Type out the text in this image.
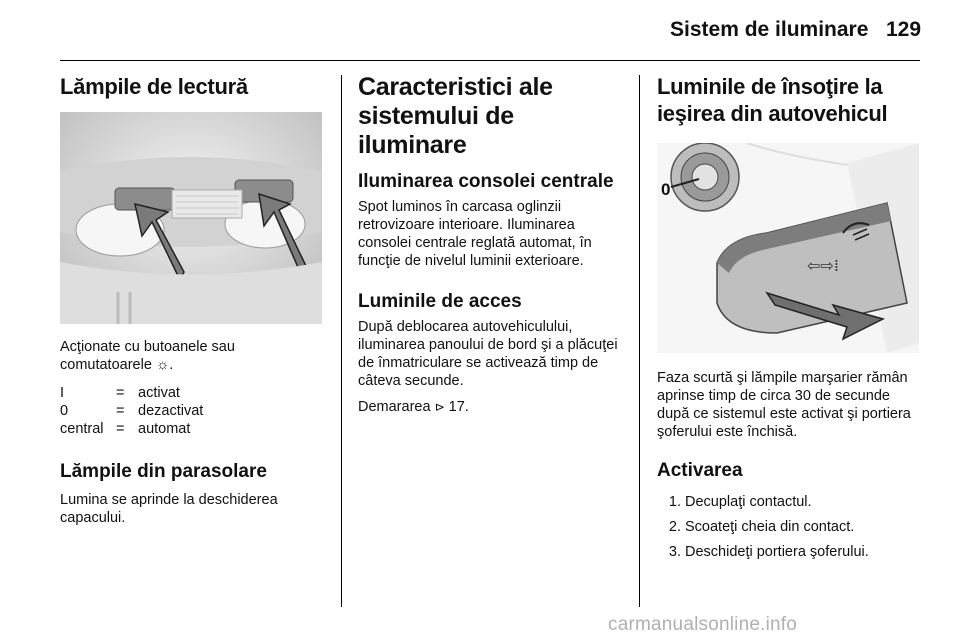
Sistem de iluminare 129
Lămpile de lectură

Acţionate cu butoanele sau comutatoarele ☼.

I	=	activat
0	=	dezactivat
central	=	automat
Lămpile din parasolare

Lumina se aprinde la deschiderea capacului.

Caracteristici ale sistemului de iluminare
Iluminarea consolei centrale

Spot luminos în carcasa oglinzii retrovizoare interioare. Iluminarea consolei centrale reglată automat, în funcţie de nivelul luminii exterioare.

Luminile de acces

După deblocarea autovehiculului, iluminarea panoului de bord şi a plăcuţei de înmatriculare se activează timp de câteva secunde.

Demararea ⊳ 17.

Luminile de însoţire la ieşirea din autovehicul
0
⇦⇨⁞

Faza scurtă şi lămpile marşarier rămân aprinse timp de circa 30 de secunde după ce sistemul este activat şi portiera şoferului este închisă.

Activarea
1. Decuplaţi contactul.
2. Scoateţi cheia din contact.
3. Deschideţi portiera şoferului.
carmanualsonline.info
